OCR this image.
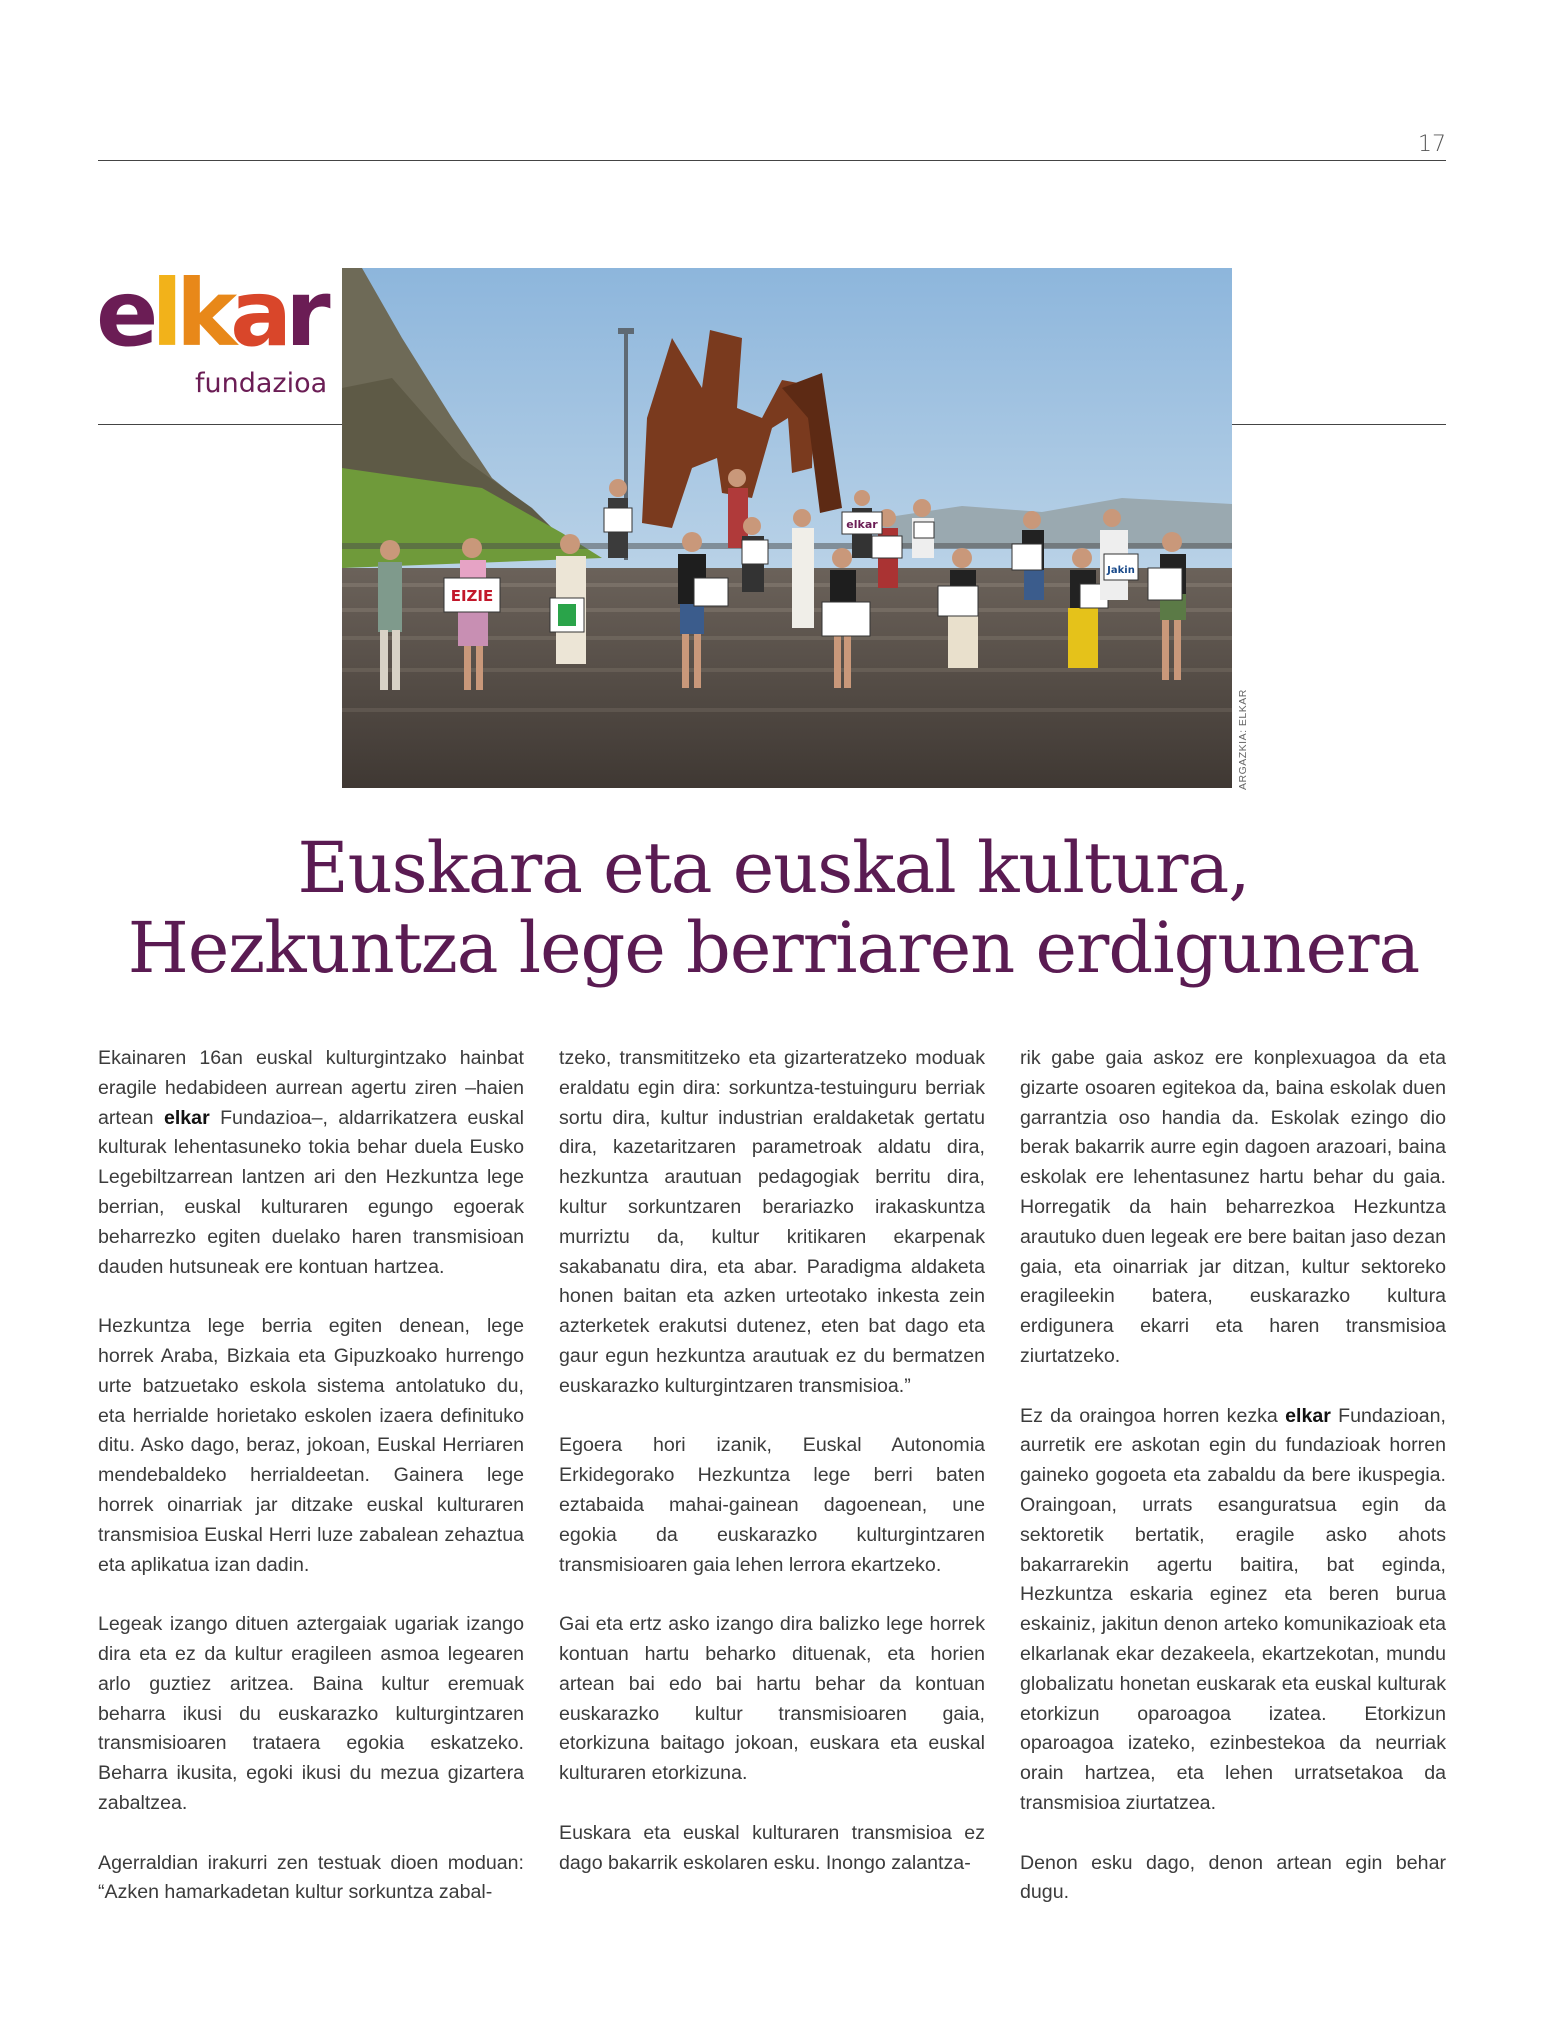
17
elkar
fundazioa
EIZIE
Jakin
elkar
ARGAZKIA: ELKAR
Euskara eta euskal kultura,
Hezkuntza lege berriaren erdigunera

Ekainaren 16an euskal kulturgintzako hainbat eragile hedabideen aurrean agertu ziren –haien artean elkar Fundazioa–, aldarrikatzera euskal kulturak lehentasuneko tokia behar duela Eusko Legebiltzarrean lantzen ari den Hezkuntza lege berrian, euskal kulturaren egungo egoerak beharrezko egiten duelako haren transmisioan dauden hutsuneak ere kontuan hartzea.

Hezkuntza lege berria egiten denean, lege horrek Araba, Bizkaia eta Gipuzkoako hurrengo urte batzuetako eskola sistema antolatuko du, eta herrialde horietako eskolen izaera definituko ditu. Asko dago, beraz, jokoan, Euskal Herriaren mendebaldeko herrialdeetan. Gainera lege horrek oinarriak jar ditzake euskal kulturaren transmisioa Euskal Herri luze zabalean zehaztua eta aplikatua izan dadin.

Legeak izango dituen aztergaiak ugariak izango dira eta ez da kultur eragileen asmoa legearen arlo guztiez aritzea. Baina kultur eremuak beharra ikusi du euskarazko kulturgintzaren transmisioaren trataera egokia eskatzeko. Beharra ikusita, egoki ikusi du mezua gizartera zabaltzea.

Agerraldian irakurri zen testuak dioen moduan: “Azken hamarkadetan kultur sorkuntza zabal-

tzeko, transmititzeko eta gizarteratzeko moduak eraldatu egin dira: sorkuntza-testuinguru berriak sortu dira, kultur industrian eraldaketak gertatu dira, kazetaritzaren parametroak aldatu dira, hezkuntza arautuan pedagogiak berritu dira, kultur sorkuntzaren berariazko irakaskuntza murriztu da, kultur kritikaren ekarpenak sakabanatu dira, eta abar. Paradigma aldaketa honen baitan eta azken urteotako inkesta zein azterketek erakutsi dutenez, eten bat dago eta gaur egun hezkuntza arautuak ez du bermatzen euskarazko kulturgintzaren transmisioa.”

Egoera hori izanik, Euskal Autonomia Erkidegorako Hezkuntza lege berri baten eztabaida mahai-gainean dagoenean, une egokia da euskarazko kulturgintzaren transmisioaren gaia lehen lerrora ekartzeko.

Gai eta ertz asko izango dira balizko lege horrek kontuan hartu beharko dituenak, eta horien artean bai edo bai hartu behar da kontuan euskarazko kultur transmisioaren gaia, etorkizuna baitago jokoan, euskara eta euskal kulturaren etorkizuna.

Euskara eta euskal kulturaren transmisioa ez dago bakarrik eskolaren esku. Inongo zalantza-

rik gabe gaia askoz ere konplexuagoa da eta gizarte osoaren egitekoa da, baina eskolak duen garrantzia oso handia da. Eskolak ezingo dio berak bakarrik aurre egin dagoen arazoari, baina eskolak ere lehentasunez hartu behar du gaia. Horregatik da hain beharrezkoa Hezkuntza arautuko duen legeak ere bere baitan jaso dezan gaia, eta oinarriak jar ditzan, kultur sektoreko eragileekin batera, euskarazko kultura erdigunera ekarri eta haren transmisioa ziurtatzeko.

Ez da oraingoa horren kezka elkar Fundazioan, aurretik ere askotan egin du fundazioak horren gaineko gogoeta eta zabaldu da bere ikuspegia. Oraingoan, urrats esanguratsua egin da sektoretik bertatik, eragile asko ahots bakarrarekin agertu baitira, bat eginda, Hezkuntza eskaria eginez eta beren burua eskainiz, jakitun denon arteko komunikazioak eta elkarlanak ekar dezakeela, ekartzekotan, mundu globalizatu honetan euskarak eta euskal kulturak etorkizun oparoagoa izatea. Etorkizun oparoagoa izateko, ezinbestekoa da neurriak orain hartzea, eta lehen urratsetakoa da transmisioa ziurtatzea.

Denon esku dago, denon artean egin behar dugu.
